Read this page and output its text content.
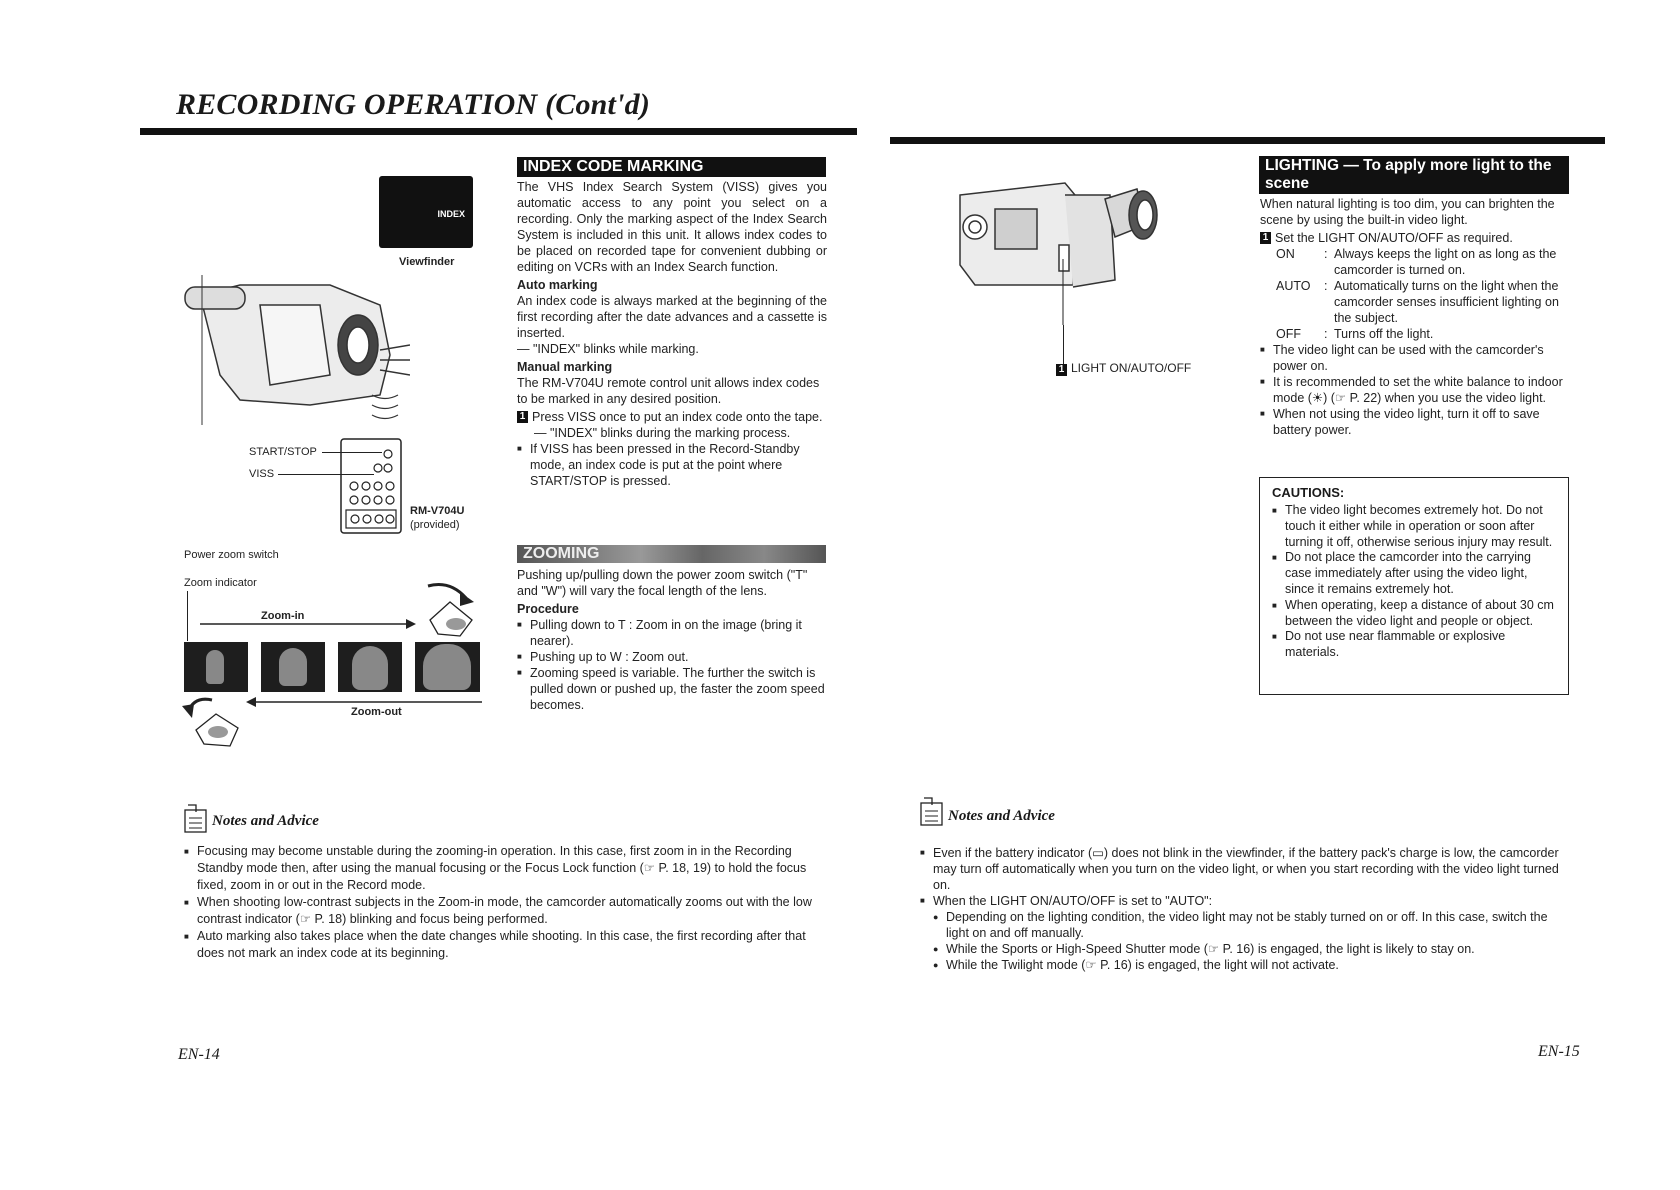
RECORDING OPERATION (Cont'd)
INDEX
Viewfinder
START/STOP
VISS
RM-V704U
(provided)
Power zoom switch
Zoom indicator
Zoom-in
Zoom-out
INDEX CODE MARKING

The VHS Index Search System (VISS) gives you automatic access to any point you select on a recording. Only the marking aspect of the Index Search System is included in this unit. It allows index codes to be placed on recorded tape for convenient dubbing or editing on VCRs with an Index Search function.

Auto marking

An index code is always marked at the beginning of the first recording after the date advances and a cassette is inserted.

— "INDEX" blinks while marking.

Manual marking

The RM-V704U remote control unit allows index codes to be marked in any desired position.

1 Press VISS once to put an index code onto the tape.

— "INDEX" blinks during the marking process.

■ If VISS has been pressed in the Record-Standby mode, an index code is put at the point where START/STOP is pressed.
ZOOMING

Pushing up/pulling down the power zoom switch ("T" and "W") will vary the focal length of the lens.

Procedure

■ Pulling down to T : Zoom in on the image (bring it nearer).
■ Pushing up to W : Zoom out.
■ Zooming speed is variable. The further the switch is pulled down or pushed up, the faster the zoom speed becomes.
Notes and Advice
■ Focusing may become unstable during the zooming-in operation. In this case, first zoom in in the Recording Standby mode then, after using the manual focusing or the Focus Lock function (☞ P. 18, 19) to hold the focus fixed, zoom in or out in the Record mode.
■ When shooting low-contrast subjects in the Zoom-in mode, the camcorder automatically zooms out with the low contrast indicator (☞ P. 18) blinking and focus being performed.
■ Auto marking also takes place when the date changes while shooting. In this case, the first recording after that does not mark an index code at its beginning.
EN-14
1 LIGHT ON/AUTO/OFF
LIGHTING — To apply more light to the scene

When natural lighting is too dim, you can brighten the scene by using the built-in video light.

1 Set the LIGHT ON/AUTO/OFF as required.
ON	: Always keeps the light on as long as the camcorder is turned on.
AUTO	: Automatically turns on the light when the camcorder senses insufficient lighting on the subject.
OFF	: Turns off the light.
■ The video light can be used with the camcorder's power on.
■ It is recommended to set the white balance to indoor mode (☀) (☞ P. 22) when you use the video light.
■ When not using the video light, turn it off to save battery power.
CAUTIONS:
■ The video light becomes extremely hot. Do not touch it either while in operation or soon after turning it off, otherwise serious injury may result.
■ Do not place the camcorder into the carrying case immediately after using the video light, since it remains extremely hot.
■ When operating, keep a distance of about 30 cm between the video light and people or object.
■ Do not use near flammable or explosive materials.
Notes and Advice
■ Even if the battery indicator (▭) does not blink in the viewfinder, if the battery pack's charge is low, the camcorder may turn off automatically when you turn on the video light, or when you start recording with the video light turned on.
■ When the LIGHT ON/AUTO/OFF is set to "AUTO":
● Depending on the lighting condition, the video light may not be stably turned on or off. In this case, switch the light on and off manually.
● While the Sports or High-Speed Shutter mode (☞ P. 16) is engaged, the light is likely to stay on.
● While the Twilight mode (☞ P. 16) is engaged, the light will not activate.
EN-15
